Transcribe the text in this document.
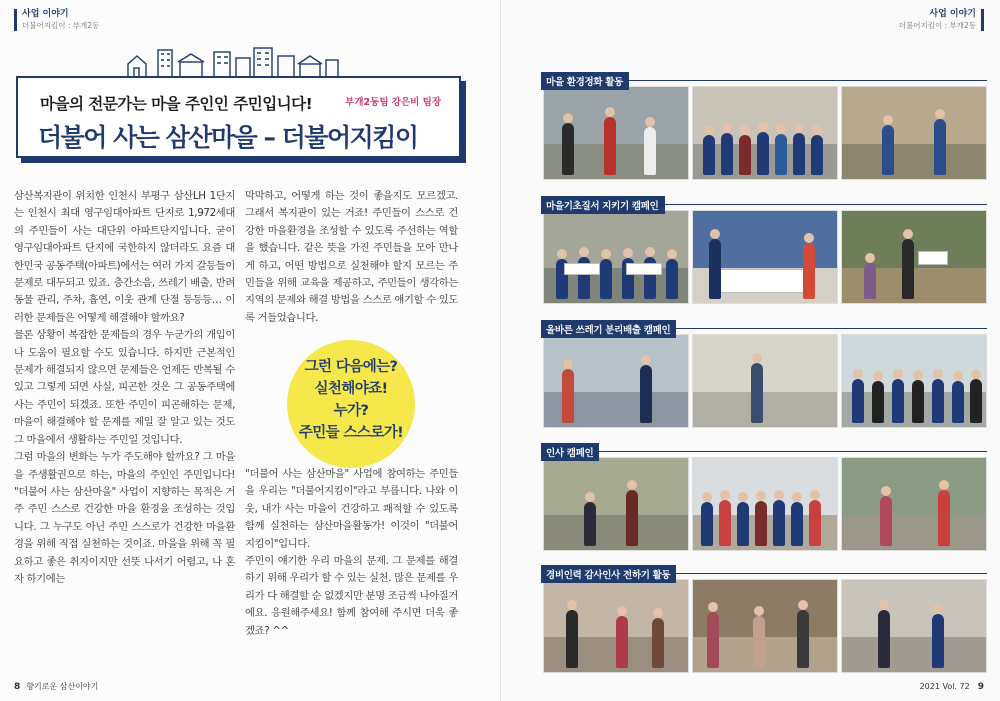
사업 이야기
더불어지킴이 : 부개2동
마을의 전문가는 마을 주인인 주민입니다!	부개2동팀 강은비 팀장
더불어 사는 삼산마을 – 더불어지킴이

삼산복지관이 위치한 인천시 부평구 삼산LH 1단지는 인천시 최대 영구임대아파트 단지로 1,972세대의 주민들이 사는 대단위 아파트단지입니다. 굳이 영구임대아파트 단지에 국한하지 않더라도 요즘 대한민국 공동주택(아파트)에서는 여러 가지 갈등들이 문제로 대두되고 있죠. 층간소음, 쓰레기 배출, 반려동물 관리, 주차, 흡연, 이웃 관계 단절 등등등… 이러한 문제들은 어떻게 해결해야 할까요?

물론 상황이 복잡한 문제들의 경우 누군가의 개입이나 도움이 필요할 수도 있습니다. 하지만 근본적인 문제가 해결되지 않으면 문제들은 언제든 반복될 수 있고 그렇게 되면 사실, 피곤한 것은 그 공동주택에 사는 주민이 되겠죠. 또한 주민이 피곤해하는 문제, 마을이 해결해야 할 문제를 제일 잘 알고 있는 것도 그 마을에서 생활하는 주민일 것입니다.

그럼 마을의 변화는 누가 주도해야 할까요? 그 마을을 주생활권으로 하는, 마을의 주인인 주민입니다! "더불어 사는 삼산마을" 사업이 지향하는 목적은 거주 주민 스스로 건강한 마을 환경을 조성하는 것입니다. 그 누구도 아닌 주민 스스로가 건강한 마을환경을 위해 직접 실천하는 것이죠. 마을을 위해 꼭 필요하고 좋은 취지이지만 선뜻 나서기 어렵고, 나 혼자 하기에는

막막하고, 어떻게 하는 것이 좋을지도 모르겠고. 그래서 복지관이 있는 거죠! 주민들이 스스로 건강한 마을환경을 조성할 수 있도록 주선하는 역할을 했습니다. 같은 뜻을 가진 주민들을 모아 만나게 하고, 어떤 방법으로 실천해야 할지 모르는 주민들을 위해 교육을 제공하고, 주민들이 생각하는 지역의 문제와 해결 방법을 스스로 얘기할 수 있도록 거들었습니다.

그런 다음에는?
실천해야죠!
누가?
주민들 스스로가!

"더불어 사는 삼산마을" 사업에 참여하는 주민들을 우리는 "더불어지킴이"라고 부릅니다. 나와 이웃, 내가 사는 마을이 건강하고 쾌적할 수 있도록 함께 실천하는 삼산마을활동가! 이것이 "더불어 지킴이"입니다.

주민이 얘기한 우리 마을의 문제. 그 문제를 해결하기 위해 우리가 할 수 있는 실천. 많은 문제를 우리가 다 해결할 순 없겠지만 분명 조금씩 나아질거에요. 응원해주세요! 함께 참여해 주시면 더욱 좋겠죠? ^^

8 향기로운 삼산이야기
사업 이야기
더불어지킴이 : 부개2동
마을 환경정화 활동
마을기초질서 지키기 캠페인
올바른 쓰레기 분리배출 캠페인
인사 캠페인
경비인력 감사인사 전하기 활동
2021 Vol. 72 9
